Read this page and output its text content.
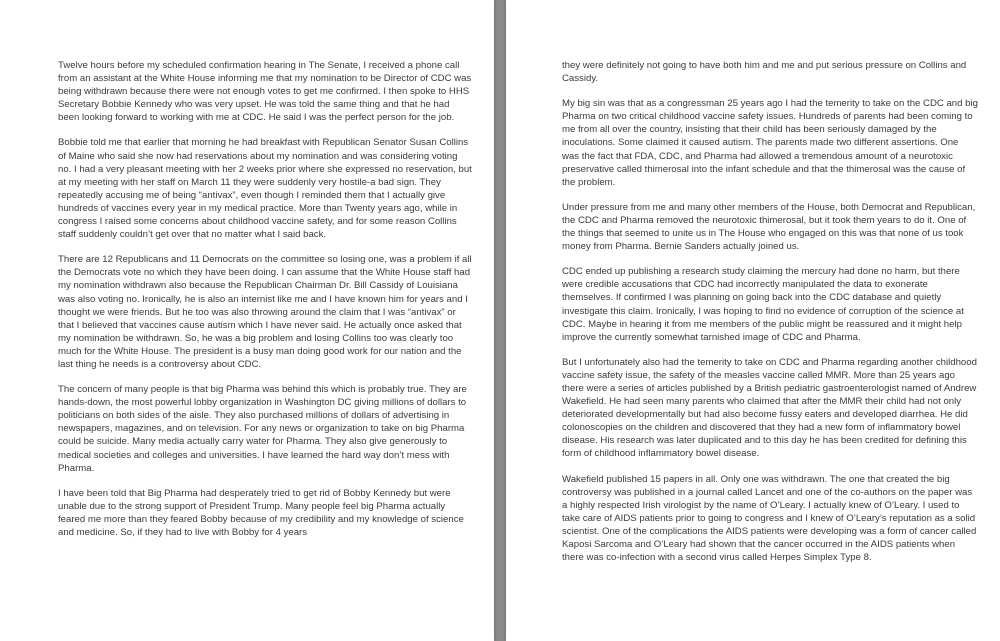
Twelve hours before my scheduled confirmation hearing in The Senate, I received a phone call from an assistant at the White House informing me that my nomination to be Director of CDC was being withdrawn because there were not enough votes to get me confirmed. I then spoke to HHS Secretary Bobbie Kennedy who was very upset. He was told the same thing and that he had been looking forward to working with me at CDC. He said I was the perfect person for the job.

Bobbie told me that earlier that morning he had breakfast with Republican Senator Susan Collins of Maine who said she now had reservations about my nomination and was considering voting no. I had a very pleasant meeting with her 2 weeks prior where she expressed no reservation, but at my meeting with her staff on March 11 they were suddenly very hostile-a bad sign. They repeatedly accusing me of being “antivax”, even though I reminded them that I actually give hundreds of vaccines every year in my medical practice. More than Twenty years ago, while in congress I raised some concerns about childhood vaccine safety, and for some reason Collins staff suddenly couldn’t get over that no matter what I said back.

There are 12 Republicans and 11 Democrats on the committee so losing one, was a problem if all the Democrats vote no which they have been doing. I can assume that the White House staff had my nomination withdrawn also because the Republican Chairman Dr. Bill Cassidy of Louisiana was also voting no. Ironically, he is also an internist like me and I have known him for years and I thought we were friends. But he too was also throwing around the claim that I was “antivax” or that I believed that vaccines cause autism which I have never said. He actually once asked that my nomination be withdrawn. So, he was a big problem and losing Collins too was clearly too much for the White House. The president is a busy man doing good work for our nation and the last thing he needs is a controversy about CDC.

The concern of many people is that big Pharma was behind this which is probably true. They are hands-down, the most powerful lobby organization in Washington DC giving millions of dollars to politicians on both sides of the aisle. They also purchased millions of dollars of advertising in newspapers, magazines, and on television. For any news or organization to take on big Pharma could be suicide. Many media actually carry water for Pharma. They also give generously to medical societies and colleges and universities. I have learned the hard way don’t mess with Pharma.

I have been told that Big Pharma had desperately tried to get rid of Bobby Kennedy but were unable due to the strong support of President Trump. Many people feel big Pharma actually feared me more than they feared Bobby because of my credibility and my knowledge of science and medicine. So, if they had to live with Bobby for 4 years

they were definitely not going to have both him and me and put serious pressure on Collins and Cassidy.

My big sin was that as a congressman 25 years ago I had the temerity to take on the CDC and big Pharma on two critical childhood vaccine safety issues. Hundreds of parents had been coming to me from all over the country, insisting that their child has been seriously damaged by the inoculations. Some claimed it caused autism. The parents made two different assertions. One was the fact that FDA, CDC, and Pharma had allowed a tremendous amount of a neurotoxic preservative called thimerosal into the infant schedule and that the thimerosal was the cause of the problem.

Under pressure from me and many other members of the House, both Democrat and Republican, the CDC and Pharma removed the neurotoxic thimerosal, but it took them years to do it. One of the things that seemed to unite us in The House who engaged on this was that none of us took money from Pharma. Bernie Sanders actually joined us.

CDC ended up publishing a research study claiming the mercury had done no harm, but there were credible accusations that CDC had incorrectly manipulated the data to exonerate themselves. If confirmed I was planning on going back into the CDC database and quietly investigate this claim. Ironically, I was hoping to find no evidence of corruption of the science at CDC. Maybe in hearing it from me members of the public might be reassured and it might help improve the currently somewhat tarnished image of CDC and Pharma.

But I unfortunately also had the temerity to take on CDC and Pharma regarding another childhood vaccine safety issue, the safety of the measles vaccine called MMR. More than 25 years ago there were a series of articles published by a British pediatric gastroenterologist named of Andrew Wakefield. He had seen many parents who claimed that after the MMR their child had not only deteriorated developmentally but had also become fussy eaters and developed diarrhea. He did colonoscopies on the children and discovered that they had a new form of inflammatory bowel disease. His research was later duplicated and to this day he has been credited for defining this form of childhood inflammatory bowel disease.

Wakefield published 15 papers in all. Only one was withdrawn. The one that created the big controversy was published in a journal called Lancet and one of the co-authors on the paper was a highly respected Irish virologist by the name of O’Leary. I actually knew of O’Leary. I used to take care of AIDS patients prior to going to congress and I knew of O’Leary’s reputation as a solid scientist. One of the complications the AIDS patients were developing was a form of cancer called Kaposi Sarcoma and O’Leary had shown that the cancer occurred in the AIDS patients when there was co-infection with a second virus called Herpes Simplex Type 8.
